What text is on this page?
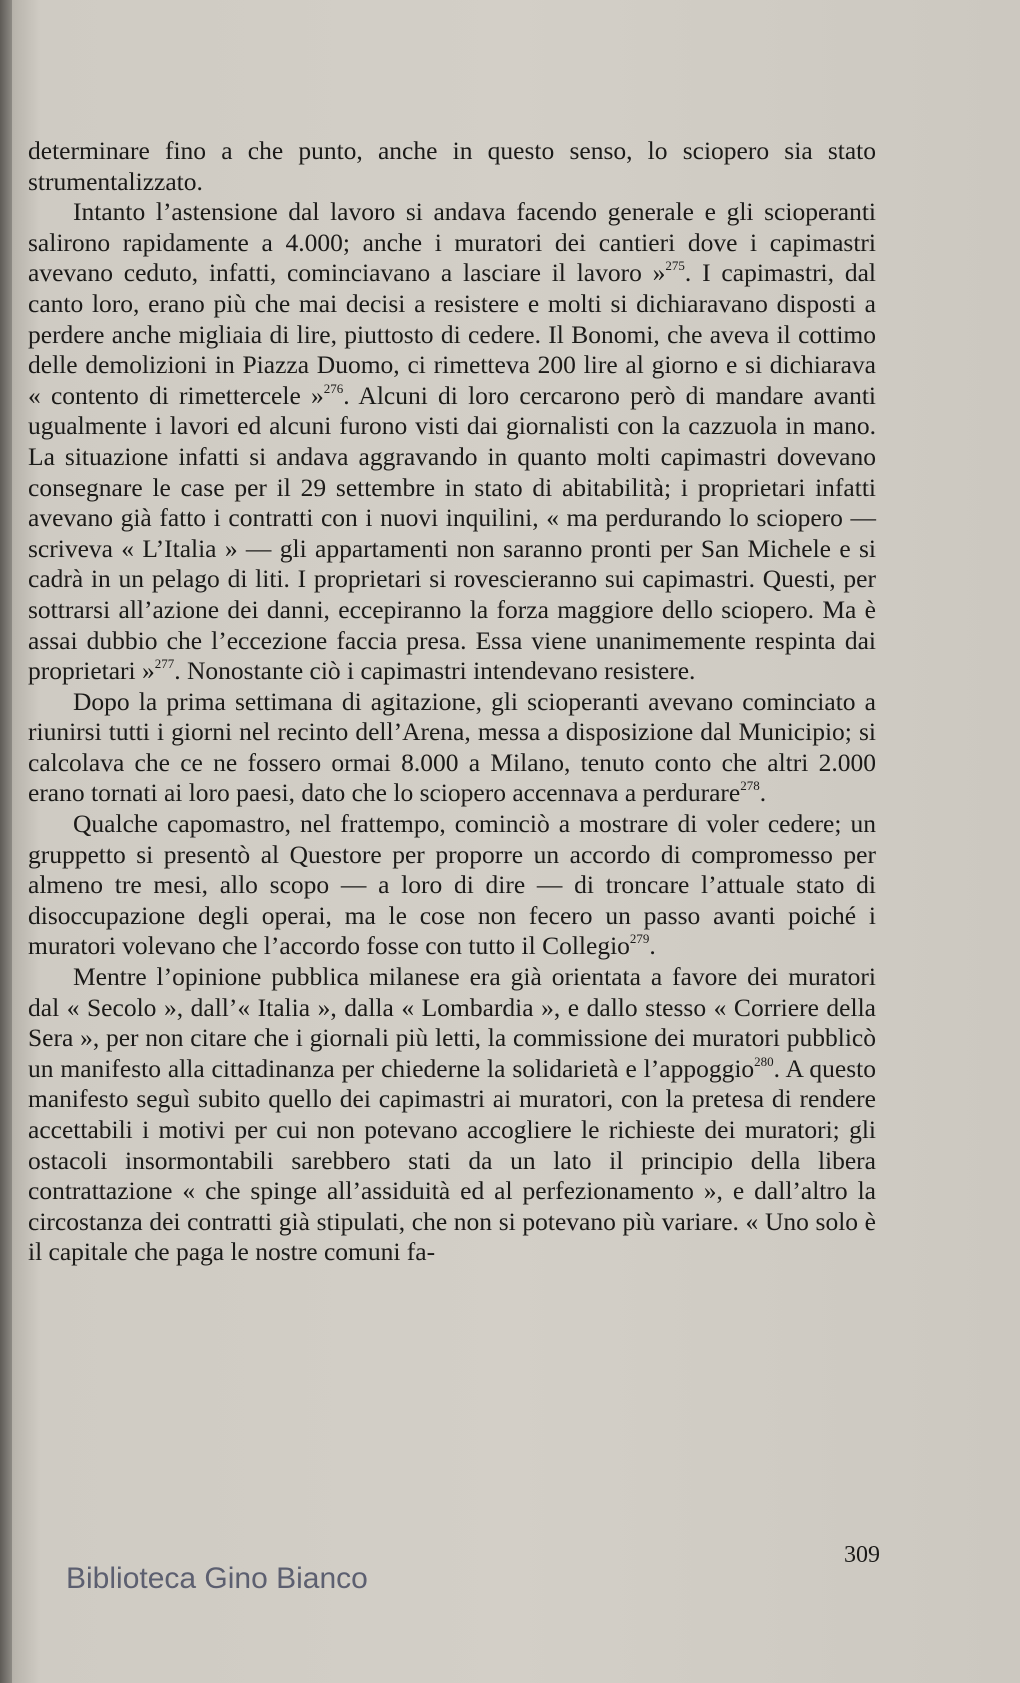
determinare fino a che punto, anche in questo senso, lo sciopero sia stato strumentalizzato.

Intanto l’astensione dal lavoro si andava facendo generale e gli scioperanti salirono rapidamente a 4.000; anche i muratori dei cantieri dove i capimastri avevano ceduto, infatti, cominciavano a lasciare il lavoro »$^{275}$. I capimastri, dal canto loro, erano più che mai decisi a resistere e molti si dichiaravano disposti a perdere anche migliaia di lire, piuttosto di cedere. Il Bonomi, che aveva il cottimo delle demolizioni in Piazza Duomo, ci rimetteva 200 lire al giorno e si dichiarava « contento di rimettercele »$^{276}$. Alcuni di loro cercarono però di mandare avanti ugualmente i lavori ed alcuni furono visti dai giornalisti con la cazzuola in mano. La situazione infatti si andava aggravando in quanto molti capimastri dovevano consegnare le case per il 29 settembre in stato di abitabilità; i proprietari infatti avevano già fatto i contratti con i nuovi inquilini, « ma perdurando lo sciopero — scriveva « L’Italia » — gli appartamenti non saranno pronti per San Michele e si cadrà in un pelago di liti. I proprietari si rovescieranno sui capimastri. Questi, per sottrarsi all’azione dei danni, eccepiranno la forza maggiore dello sciopero. Ma è assai dubbio che l’eccezione faccia presa. Essa viene unanimemente respinta dai proprietari »$^{277}$. Nonostante ciò i capimastri intendevano resistere.

Dopo la prima settimana di agitazione, gli scioperanti avevano cominciato a riunirsi tutti i giorni nel recinto dell’Arena, messa a disposizione dal Municipio; si calcolava che ce ne fossero ormai 8.000 a Milano, tenuto conto che altri 2.000 erano tornati ai loro paesi, dato che lo sciopero accennava a perdurare$^{278}$.

Qualche capomastro, nel frattempo, cominciò a mostrare di voler cedere; un gruppetto si presentò al Questore per proporre un accordo di compromesso per almeno tre mesi, allo scopo — a loro di dire — di troncare l’attuale stato di disoccupazione degli operai, ma le cose non fecero un passo avanti poiché i muratori volevano che l’accordo fosse con tutto il Collegio$^{279}$.

Mentre l’opinione pubblica milanese era già orientata a favore dei muratori dal « Secolo », dall’« Italia », dalla « Lombardia », e dallo stesso « Corriere della Sera », per non citare che i giornali più letti, la commissione dei muratori pubblicò un manifesto alla cittadinanza per chiederne la solidarietà e l’appoggio$^{280}$. A questo manifesto seguì subito quello dei capimastri ai muratori, con la pretesa di rendere accettabili i motivi per cui non potevano accogliere le richieste dei muratori; gli ostacoli insormontabili sarebbero stati da un lato il principio della libera contrattazione « che spinge all’assiduità ed al perfezionamento », e dall’altro la circostanza dei contratti già stipulati, che non si potevano più variare. « Uno solo è il capitale che paga le nostre comuni fa-

309
Biblioteca Gino Bianco
